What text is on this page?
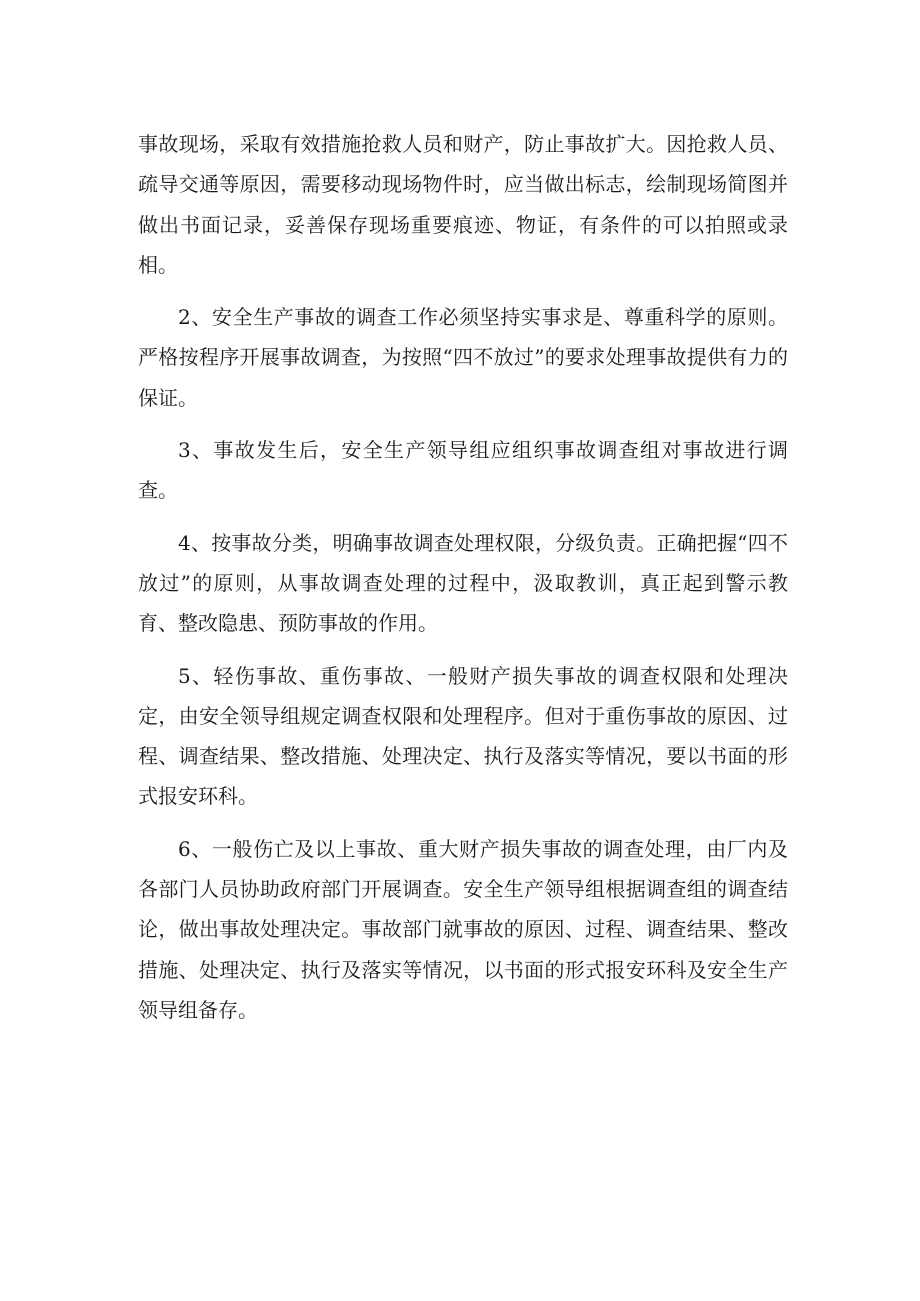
事故现场，采取有效措施抢救人员和财产，防止事故扩大。因抢救人员、疏导交通等原因，需要移动现场物件时，应当做出标志，绘制现场简图并做出书面记录，妥善保存现场重要痕迹、物证，有条件的可以拍照或录相。

2、安全生产事故的调查工作必须坚持实事求是、尊重科学的原则。严格按程序开展事故调查，为按照“四不放过”的要求处理事故提供有力的保证。

3、事故发生后，安全生产领导组应组织事故调查组对事故进行调查。

4、按事故分类，明确事故调查处理权限，分级负责。正确把握“四不放过”的原则，从事故调查处理的过程中，汲取教训，真正起到警示教育、整改隐患、预防事故的作用。

5、轻伤事故、重伤事故、一般财产损失事故的调查权限和处理决定，由安全领导组规定调查权限和处理程序。但对于重伤事故的原因、过程、调查结果、整改措施、处理决定、执行及落实等情况，要以书面的形式报安环科。

6、一般伤亡及以上事故、重大财产损失事故的调查处理，由厂内及各部门人员协助政府部门开展调查。安全生产领导组根据调查组的调查结论，做出事故处理决定。事故部门就事故的原因、过程、调查结果、整改措施、处理决定、执行及落实等情况，以书面的形式报安环科及安全生产领导组备存。
